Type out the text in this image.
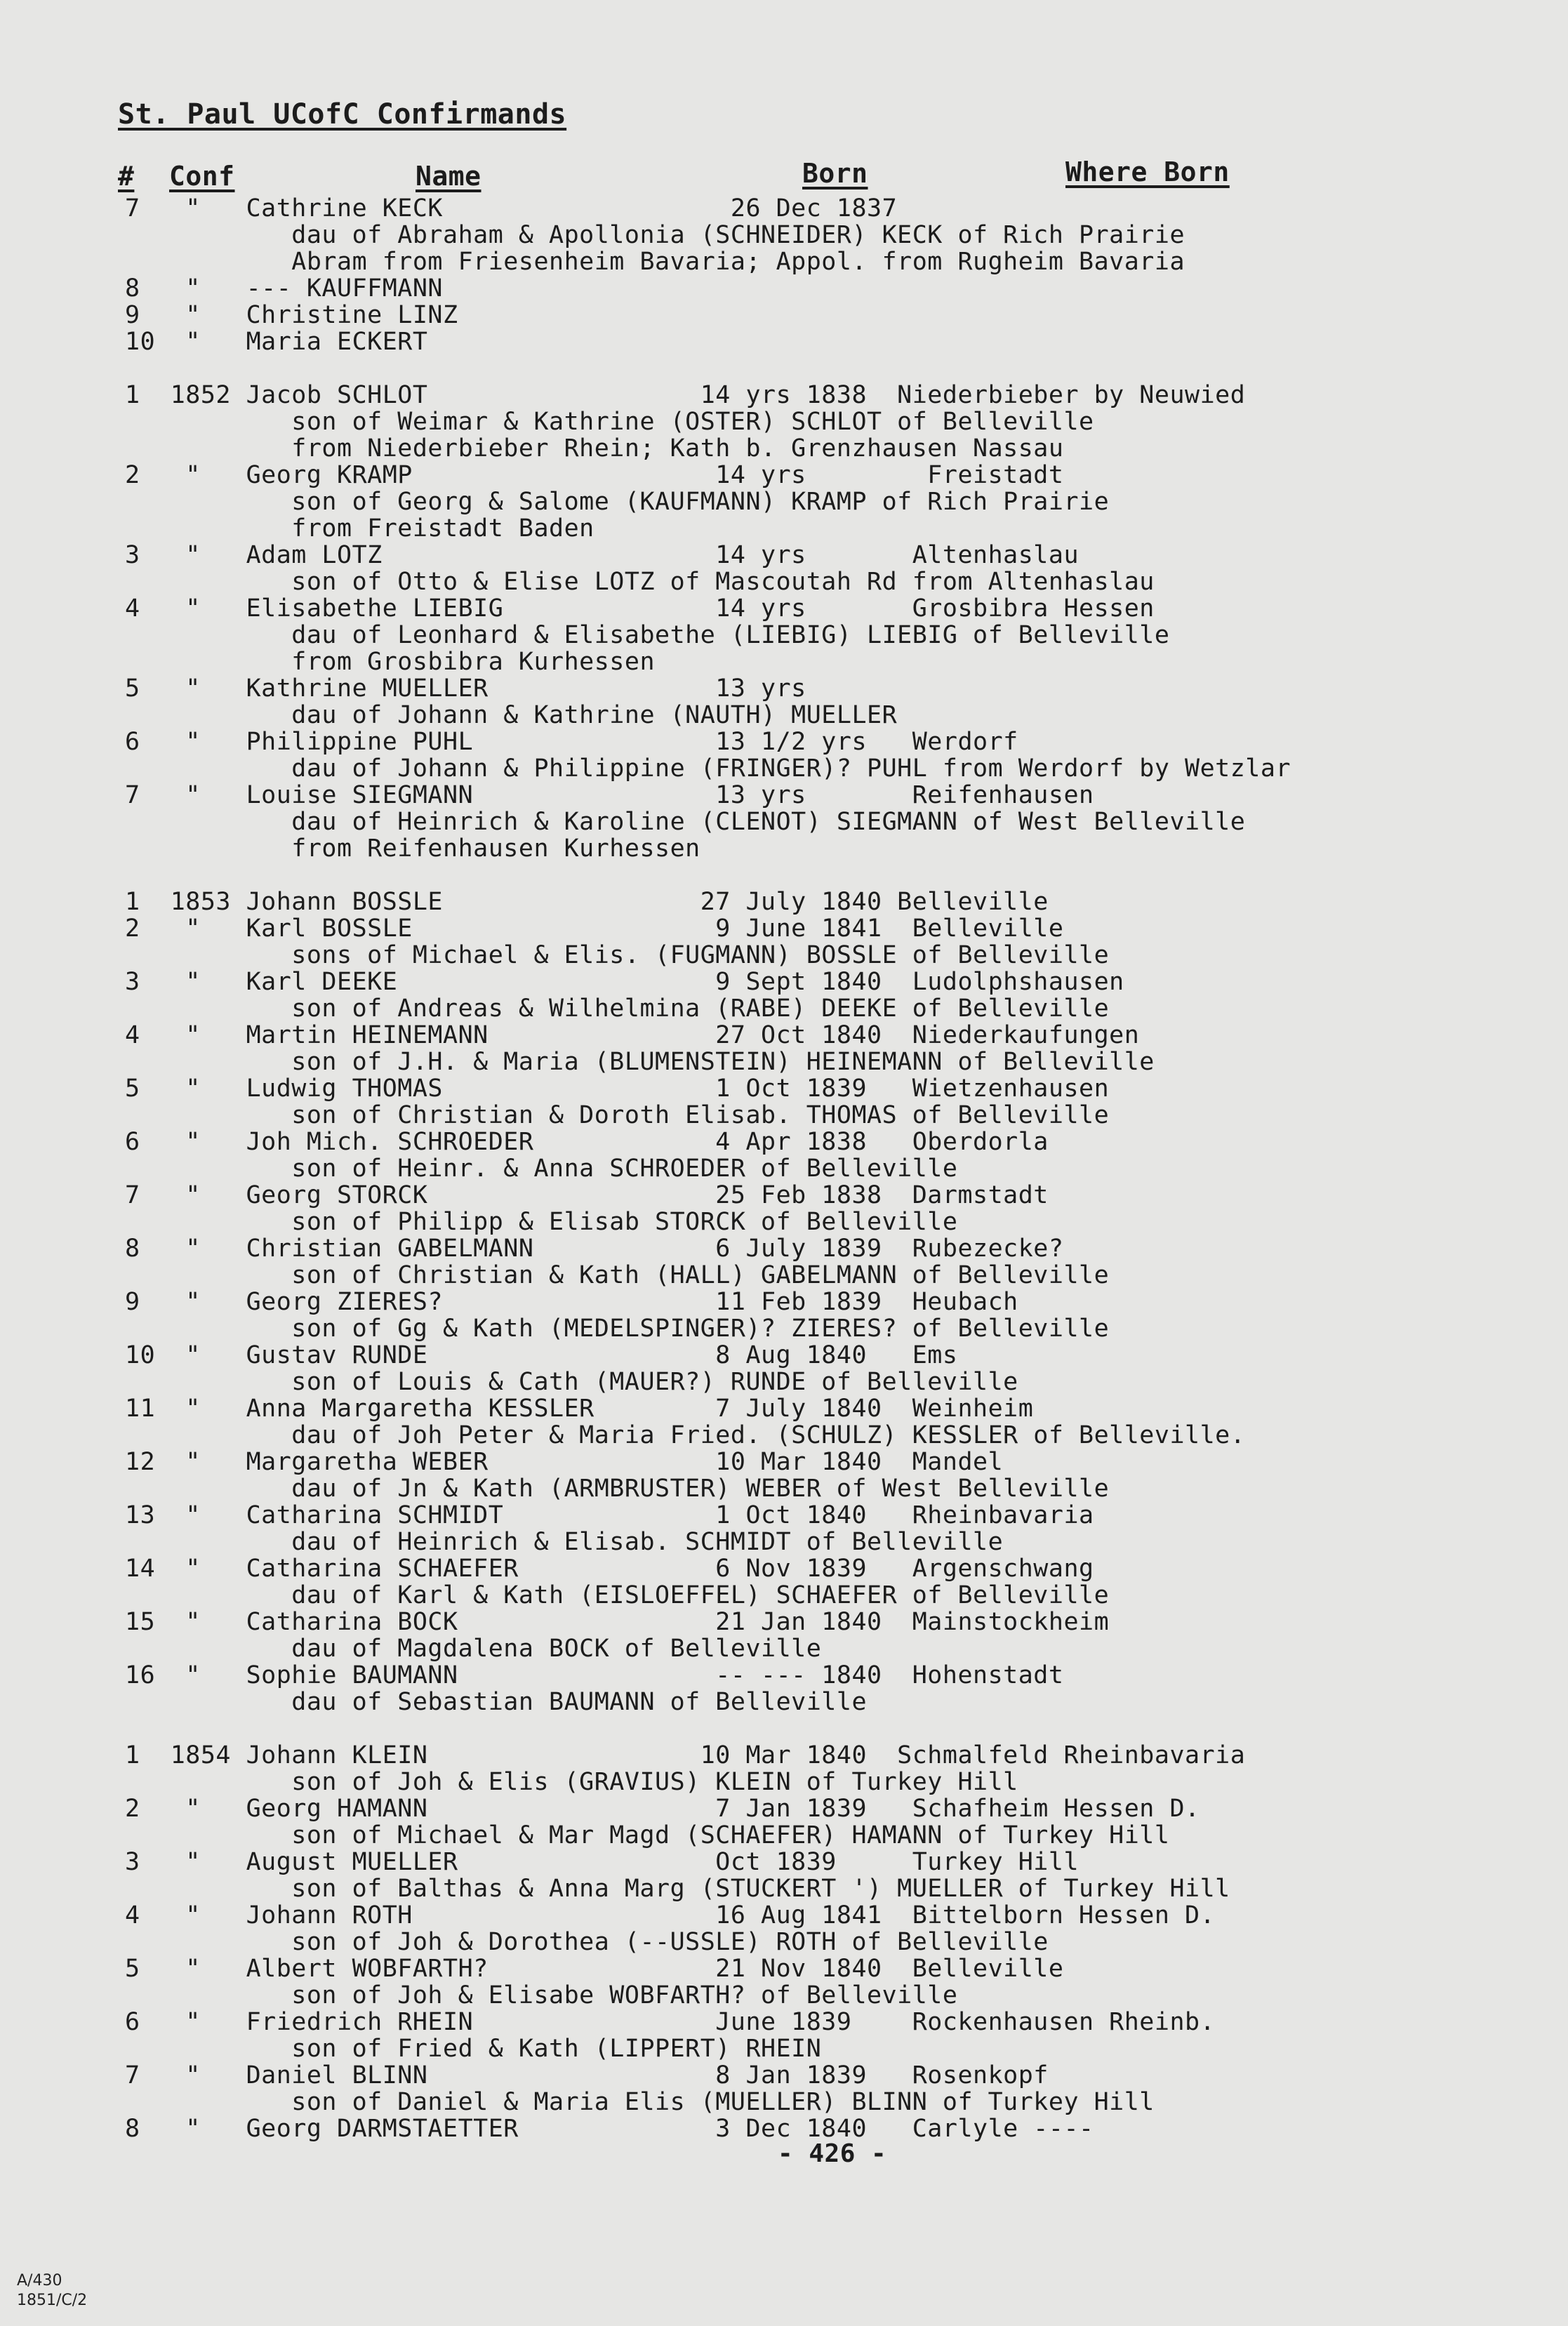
St. Paul UCofC Confirmands

# Conf	Name	Born	Where Born

7   "   Cathrine KECK                   26 Dec 1837

dau of Abraham & Apollonia (SCHNEIDER) KECK of Rich Prairie

Abram from Friesenheim Bavaria; Appol. from Rugheim Bavaria

8   "   --- KAUFFMANN

9   "   Christine LINZ

10  "   Maria ECKERT

1  1852 Jacob SCHLOT                  14 yrs 1838  Niederbieber by Neuwied

son of Weimar & Kathrine (OSTER) SCHLOT of Belleville

from Niederbieber Rhein; Kath b. Grenzhausen Nassau

2   "   Georg KRAMP                    14 yrs        Freistadt

son of Georg & Salome (KAUFMANN) KRAMP of Rich Prairie

from Freistadt Baden

3   "   Adam LOTZ                      14 yrs       Altenhaslau

son of Otto & Elise LOTZ of Mascoutah Rd from Altenhaslau

4   "   Elisabethe LIEBIG              14 yrs       Grosbibra Hessen

dau of Leonhard & Elisabethe (LIEBIG) LIEBIG of Belleville

from Grosbibra Kurhessen

5   "   Kathrine MUELLER               13 yrs

dau of Johann & Kathrine (NAUTH) MUELLER

6   "   Philippine PUHL                13 1/2 yrs   Werdorf

dau of Johann & Philippine (FRINGER)? PUHL from Werdorf by Wetzlar

7   "   Louise SIEGMANN                13 yrs       Reifenhausen

dau of Heinrich & Karoline (CLENOT) SIEGMANN of West Belleville

from Reifenhausen Kurhessen

1  1853 Johann BOSSLE                 27 July 1840 Belleville

2   "   Karl BOSSLE                    9 June 1841  Belleville

sons of Michael & Elis. (FUGMANN) BOSSLE of Belleville

3   "   Karl DEEKE                     9 Sept 1840  Ludolphshausen

son of Andreas & Wilhelmina (RABE) DEEKE of Belleville

4   "   Martin HEINEMANN               27 Oct 1840  Niederkaufungen

son of J.H. & Maria (BLUMENSTEIN) HEINEMANN of Belleville

5   "   Ludwig THOMAS                  1 Oct 1839   Wietzenhausen

son of Christian & Doroth Elisab. THOMAS of Belleville

6   "   Joh Mich. SCHROEDER            4 Apr 1838   Oberdorla

son of Heinr. & Anna SCHROEDER of Belleville

7   "   Georg STORCK                   25 Feb 1838  Darmstadt

son of Philipp & Elisab STORCK of Belleville

8   "   Christian GABELMANN            6 July 1839  Rubezecke?

son of Christian & Kath (HALL) GABELMANN of Belleville

9   "   Georg ZIERES?                  11 Feb 1839  Heubach

son of Gg & Kath (MEDELSPINGER)? ZIERES? of Belleville

10  "   Gustav RUNDE                   8 Aug 1840   Ems

son of Louis & Cath (MAUER?) RUNDE of Belleville

11  "   Anna Margaretha KESSLER        7 July 1840  Weinheim

dau of Joh Peter & Maria Fried. (SCHULZ) KESSLER of Belleville.

12  "   Margaretha WEBER               10 Mar 1840  Mandel

dau of Jn & Kath (ARMBRUSTER) WEBER of West Belleville

13  "   Catharina SCHMIDT              1 Oct 1840   Rheinbavaria

dau of Heinrich & Elisab. SCHMIDT of Belleville

14  "   Catharina SCHAEFER             6 Nov 1839   Argenschwang

dau of Karl & Kath (EISLOEFFEL) SCHAEFER of Belleville

15  "   Catharina BOCK                 21 Jan 1840  Mainstockheim

dau of Magdalena BOCK of Belleville

16  "   Sophie BAUMANN                 -- --- 1840  Hohenstadt

dau of Sebastian BAUMANN of Belleville

1  1854 Johann KLEIN                  10 Mar 1840  Schmalfeld Rheinbavaria

son of Joh & Elis (GRAVIUS) KLEIN of Turkey Hill

2   "   Georg HAMANN                   7 Jan 1839   Schafheim Hessen D.

son of Michael & Mar Magd (SCHAEFER) HAMANN of Turkey Hill

3   "   August MUELLER                 Oct 1839     Turkey Hill

son of Balthas & Anna Marg (STUCKERT ') MUELLER of Turkey Hill

4   "   Johann ROTH                    16 Aug 1841  Bittelborn Hessen D.

son of Joh & Dorothea (--USSLE) ROTH of Belleville

5   "   Albert WOBFARTH?               21 Nov 1840  Belleville

son of Joh & Elisabe WOBFARTH? of Belleville

6   "   Friedrich RHEIN                June 1839    Rockenhausen Rheinb.

son of Fried & Kath (LIPPERT) RHEIN

7   "   Daniel BLINN                   8 Jan 1839   Rosenkopf

son of Daniel & Maria Elis (MUELLER) BLINN of Turkey Hill

8   "   Georg DARMSTAETTER             3 Dec 1840   Carlyle ----

- 426 -

A/430

1851/C/2
